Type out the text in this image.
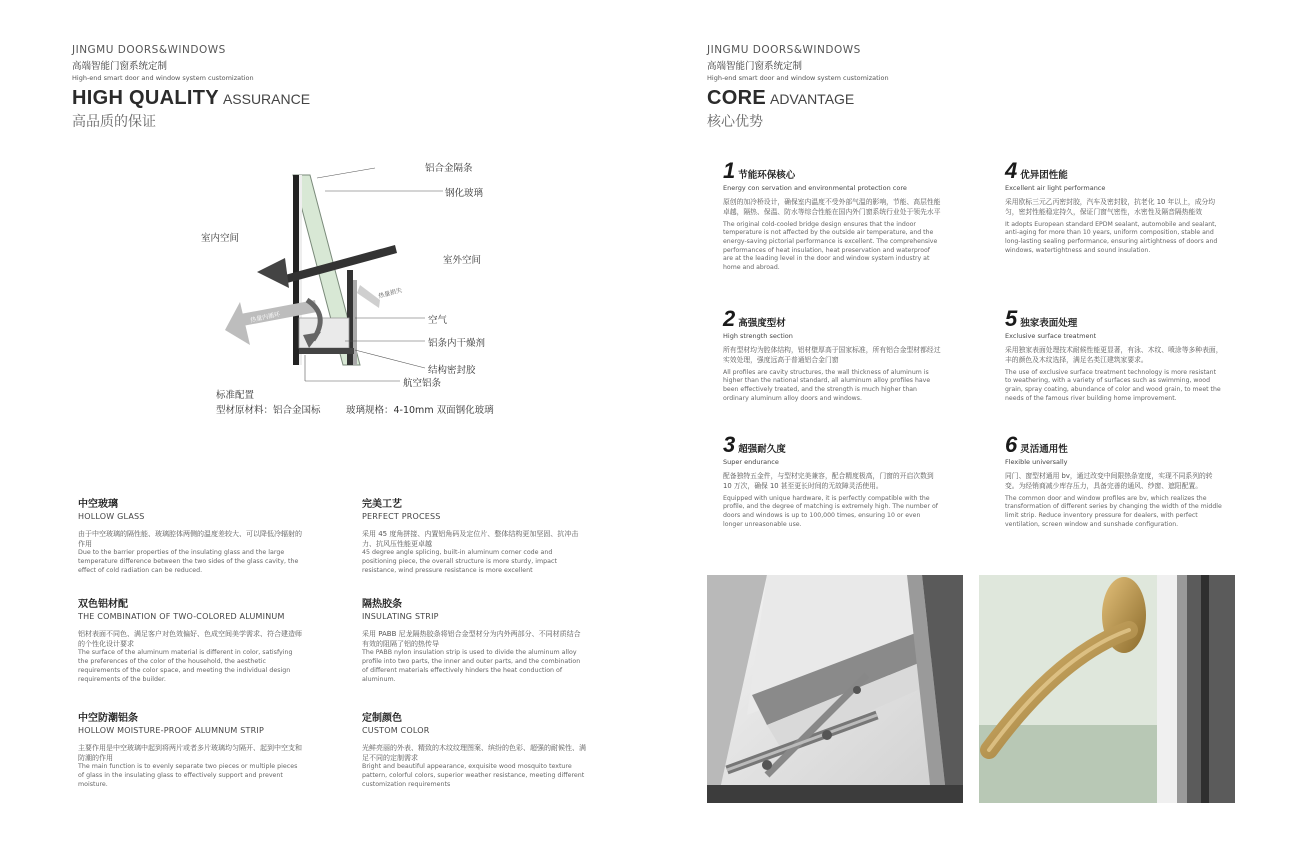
JINGMU DOORS&WINDOWS
高端智能门窗系统定制
High-end smart door and window system customization
HIGH QUALITY ASSURANCE
高品质的保证
铝合金隔条
钢化玻璃
室内空间
室外空间
太阳光折射
热量损失
热量内循环	空气
铝条内干燥剂
结构密封胶
航空铝条
标准配置
型材原材料：铝合金国标	玻璃规格：4-10mm 双面钢化玻璃
中空玻璃
HOLLOW GLASS
由于中空玻璃的隔性能、玻璃腔体两侧的温度差较大、可以降低冷辐射的作用
Due to the barrier properties of the insulating glass and the large temperature difference between the two sides of the glass cavity, the effect of cold radiation can be reduced.
完美工艺
PERFECT PROCESS
采用 45 度角拼接、内置铝角码及定位片、整体结构更加坚固、抗冲击力、抗风压性能更卓越
45 degree angle splicing, built-in aluminum corner code and positioning piece, the overall structure is more sturdy, impact resistance, wind pressure resistance is more excellent
双色铝材配
THE COMBINATION OF TWO-COLORED ALUMINUM
铝材表面不同色、满足客户对色效偏好、色成空间美学需求、符合建造师的个性化设计要求
The surface of the aluminum material is different in color, satisfying the preferences of the color of the household, the aesthetic requirements of the color space, and meeting the individual design requirements of the builder.
隔热胶条
INSULATING STRIP
采用 PABB 尼龙隔热胶条将铝合金型材分为内外两部分、不同材质结合有效的阻隔了铝的热传导
The PABB nylon insulation strip is used to divide the aluminum alloy profile into two parts, the inner and outer parts, and the combination of different materials effectively hinders the heat conduction of aluminum.
中空防潮铝条
HOLLOW MOISTURE-PROOF ALUMNUM STRIP
主要作用是中空玻璃中起到将两片或者多片玻璃均匀隔开、起到中空支和防潮的作用
The main function is to evenly separate two pieces or multiple pieces of glass in the insulating glass to effectively support and prevent moisture.
定制颜色
CUSTOM COLOR
光鲜亮丽的外表、精致的木纹纹理图案、缤纷的色彩、超强的耐候性、满足不同的定制需求
Bright and beautiful appearance, exquisite wood mosquito texture pattern, colorful colors, superior weather resistance, meeting different customization requirements
JINGMU DOORS&WINDOWS
高端智能门窗系统定制
High-end smart door and window system customization
CORE ADVANTAGE
核心优势
1 节能环保核心
Energy con servation and environmental protection core
原创的加冷桥设计，确保室内温度不受外部气温的影响，节能、高层性能卓越，隔热、保温、防水等综合性能在国内外门窗系统行业处于领先水平
The original cold-cooled bridge design ensures that the indoor temperature is not affected by the outside air temperature, and the energy-saving pictorial performance is excellent. The comprehensive performances of heat insulation, heat preservation and waterproof are at the leading level in the door and window system industry at home and abroad.
4 优异团性能
Excellent air light performance
采用欧标三元乙丙密封胶，汽车及密封胶，抗老化 10 年以上，成分均匀，密封性能稳定持久，保证门窗气密性，水密性及隔音隔热能效
It adopts European standard EPDM sealant, automobile and sealant, anti-aging for more than 10 years, uniform composition, stable and long-lasting sealing performance, ensuring airtightness of doors and windows, watertightness and sound insulation.
2 高强度型材
High strength section
所有型材均为腔体结构，铝材壁厚高于国家标准，所有铝合金型材都经过实效处理，强度远高于普通铝合金门窗
All profiles are cavity structures, the wall thickness of aluminum is higher than the national standard, all aluminum alloy profiles have been effectively treated, and the strength is much higher than ordinary aluminum alloy doors and windows.
5 独家表面处理
Exclusive surface treatment
采用独家表面处理技术耐候性能更显著，有泳、木纹、喷涂等多种表面，丰的颜色及木纹选择，满足名类江建筑家要求。
The use of exclusive surface treatment technology is more resistant to weathering, with a variety of surfaces such as swimming, wood grain, spray coating, abundance of color and wood grain, to meet the needs of the famous river building home improvement.
3 超强耐久度
Super endurance
配备独特五金件，与型材完美兼容，配合精度极高，门窗的开启次数到 10 万次，确保 10 甚至更长时间的无故障灵活使用。
Equipped with unique hardware, it is perfectly compatible with the profile, and the degree of matching is extremely high. The number of doors and windows is up to 100,000 times, ensuring 10 or even longer unreasonable use.
6 灵活通用性
Flexible universally
同门、窗型材通用 bv，通过改变中间限热条宽度，实现不同系列的转变。为经销商减少库存压力，具备完善的通风、纱窗、遮阳配置。
The common door and window profiles are bv, which realizes the transformation of different series by changing the width of the middle limit strip. Reduce inventory pressure for dealers, with perfect ventilation, screen window and sunshade configuration.
